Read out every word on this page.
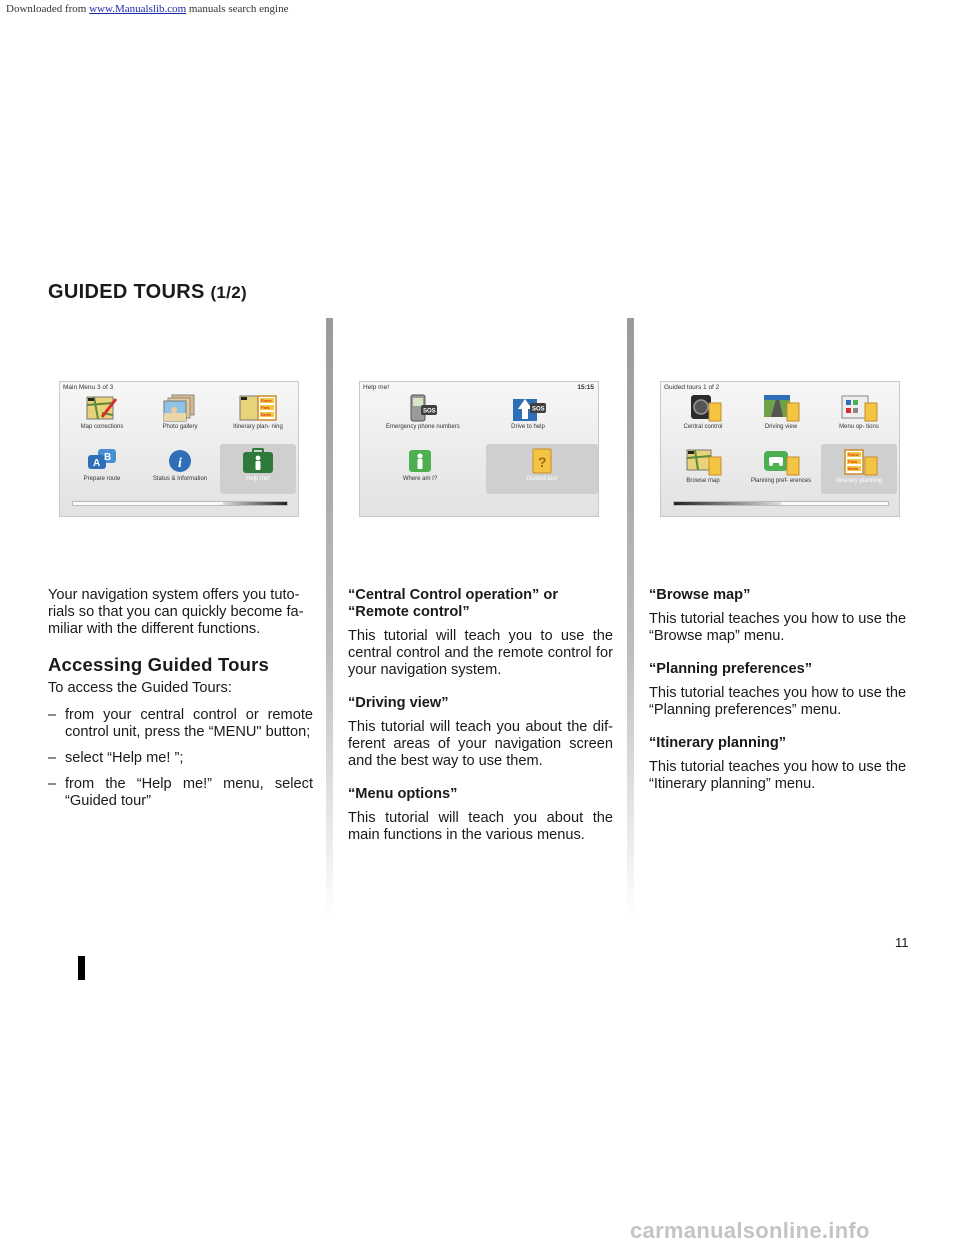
Downloaded from www.Manualslib.com manuals search engine
GUIDED TOURS (1/2)
Main Menu 3 of 3
Map corrections	Photo gallery
Rome
Paris
Berlin
Itinerary plan- ning
A
B
Prepare route
i
Status & Information	Help me!
Help me!	15:15
SOS
Emergency phone numbers
SOS
Drive to help
Where am I?
?
Guided tour
Guided tours 1 of 2
Central control	Driving view	Menu op- tions
Browse map	Planning pref- erences
Rome
Paris
Berlin
Itinerary planning

Your navigation system offers you tuto- rials so that you can quickly become fa- miliar with the different functions.

Accessing Guided Tours

To access the Guided Tours:

– from your central control or remote control unit, press the “MENU" button;
– select “Help me! ”;
– from the “Help me!” menu, select “Guided tour”
“Central Control operation” or “Remote control”

This tutorial will teach you to use the central control and the remote control for your navigation system.

“Driving view”

This tutorial will teach you about the dif- ferent areas of your navigation screen and the best way to use them.

“Menu options”

This tutorial will teach you about the main functions in the various menus.

“Browse map”

This tutorial teaches you how to use the “Browse map” menu.

“Planning preferences”

This tutorial teaches you how to use the “Planning preferences” menu.

“Itinerary planning”

This tutorial teaches you how to use the “Itinerary planning” menu.

11
carmanualsonline.info
